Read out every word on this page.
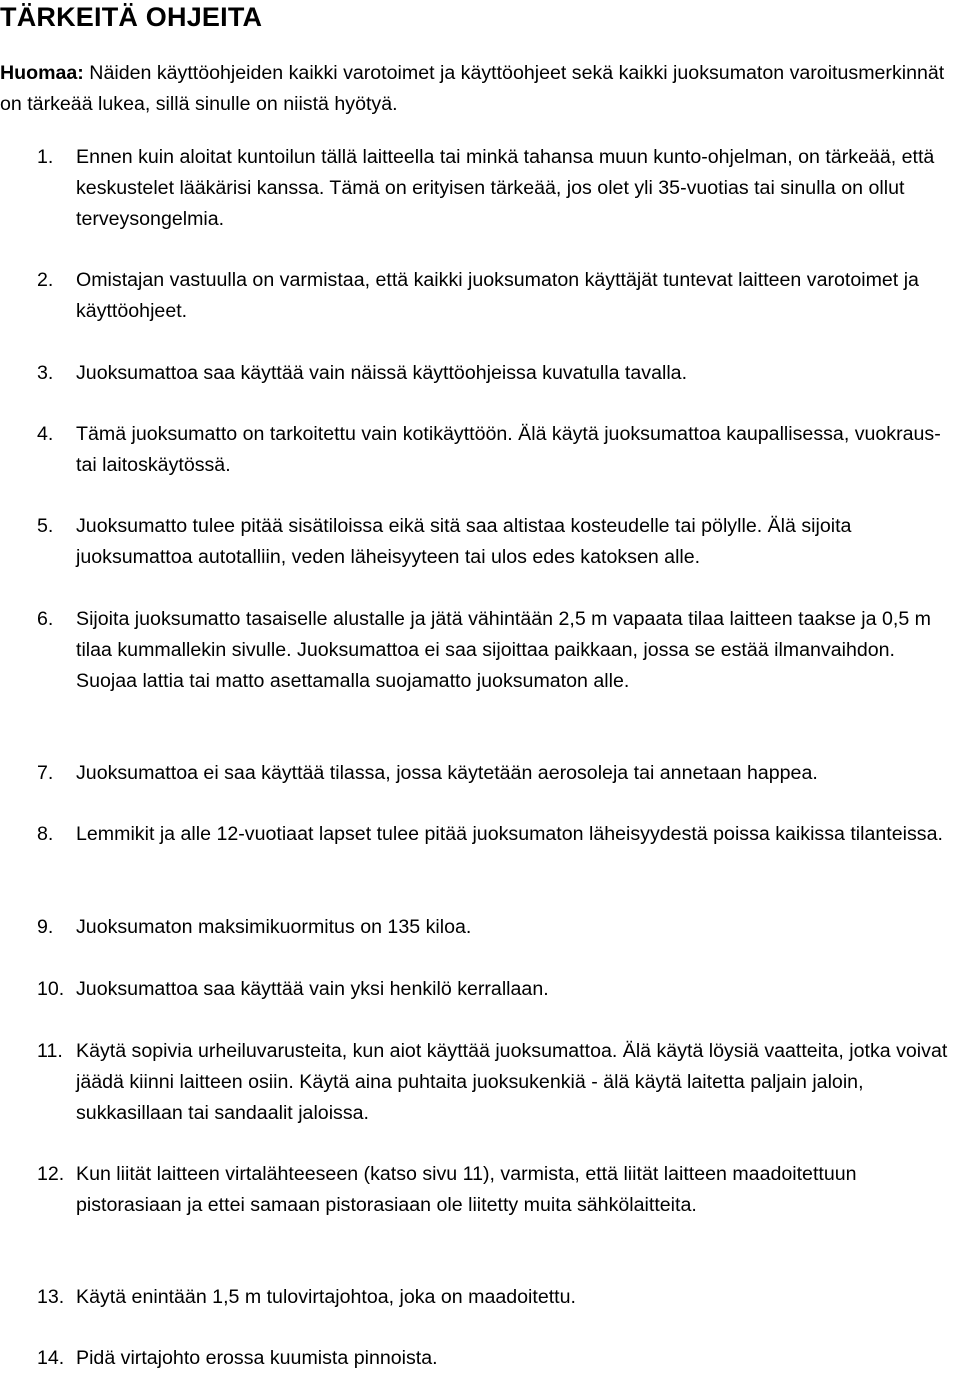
TÄRKEITÄ OHJEITA

Huomaa: Näiden käyttöohjeiden kaikki varotoimet ja käyttöohjeet sekä kaikki juoksumaton varoitusmerkinnät on tärkeää lukea, sillä sinulle on niistä hyötyä.

1. Ennen kuin aloitat kuntoilun tällä laitteella tai minkä tahansa muun kunto-ohjelman, on tärkeää, että keskustelet lääkärisi kanssa. Tämä on erityisen tärkeää, jos olet yli 35-vuotias tai sinulla on ollut terveysongelmia.
2. Omistajan vastuulla on varmistaa, että kaikki juoksumaton käyttäjät tuntevat laitteen varotoimet ja käyttöohjeet.
3. Juoksumattoa saa käyttää vain näissä käyttöohjeissa kuvatulla tavalla.
4. Tämä juoksumatto on tarkoitettu vain kotikäyttöön. Älä käytä juoksumattoa kaupallisessa, vuokraus- tai laitoskäytössä.
5. Juoksumatto tulee pitää sisätiloissa eikä sitä saa altistaa kosteudelle tai pölylle. Älä sijoita juoksumattoa autotalliin, veden läheisyyteen tai ulos edes katoksen alle.
6. Sijoita juoksumatto tasaiselle alustalle ja jätä vähintään 2,5 m vapaata tilaa laitteen taakse ja 0,5 m tilaa kummallekin sivulle. Juoksumattoa ei saa sijoittaa paikkaan, jossa se estää ilmanvaihdon. Suojaa lattia tai matto asettamalla suojamatto juoksumaton alle.
7. Juoksumattoa ei saa käyttää tilassa, jossa käytetään aerosoleja tai annetaan happea.
8. Lemmikit ja alle 12-vuotiaat lapset tulee pitää juoksumaton läheisyydestä poissa kaikissa tilanteissa.
9. Juoksumaton maksimikuormitus on 135 kiloa.
10. Juoksumattoa saa käyttää vain yksi henkilö kerrallaan.
11. Käytä sopivia urheiluvarusteita, kun aiot käyttää juoksumattoa. Älä käytä löysiä vaatteita, jotka voivat jäädä kiinni laitteen osiin. Käytä aina puhtaita juoksukenkiä - älä käytä laitetta paljain jaloin, sukkasillaan tai sandaalit jaloissa.
12. Kun liität laitteen virtalähteeseen (katso sivu 11), varmista, että liität laitteen maadoitettuun pistorasiaan ja ettei samaan pistorasiaan ole liitetty muita sähkölaitteita.
13. Käytä enintään 1,5 m tulovirtajohtoa, joka on maadoitettu.
14. Pidä virtajohto erossa kuumista pinnoista.
